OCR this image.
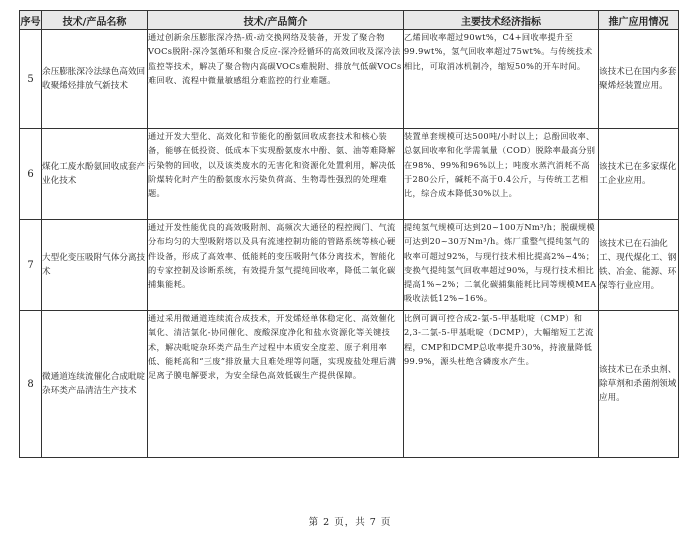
序号	技术/产品名称	技术/产品简介	主要技术经济指标	推广应用情况
5	余压膨胀深冷法绿色高效回收聚烯烃排放气新技术	通过创新余压膨胀深冷热-质-动交换网络及装备，开发了聚合物VOCs脱附-深冷氢循环和聚合反应-深冷烃循环的高效回收及深冷法监控等技术，解决了聚合物内高碳VOCs难脱附、排放气低碳VOCs难回收、流程中微量敏感组分难监控的行业难题。	乙烯回收率超过90wt%，C4+回收率提升至99.9wt%，氢气回收率超过75wt%。与传统技术相比，可取消冰机制冷，缩短50%的开车时间。	该技术已在国内多套聚烯烃装置应用。
6	煤化工废水酚氨回收成套产业化技术	通过开发大型化、高效化和节能化的酚氨回收成套技术和核心装备，能够在低投资、低成本下实现酚氨废水中酚、氨、油等难降解污染物的回收，以及该类废水的无害化和资源化处置利用，解决低阶煤转化时产生的酚氨废水污染负荷高、生物毒性强烈的处理难题。	装置单套规模可达500吨/小时以上；总酚回收率、总氨回收率和化学需氧量（COD）脱除率最高分别在98%、99%和96%以上；吨废水蒸汽消耗不高于280公斤，碱耗不高于0.4公斤，与传统工艺相比，综合成本降低30%以上。	该技术已在多家煤化工企业应用。
7	大型化变压吸附气体分离技术	通过开发性能优良的高效吸附剂、高频次大通径的程控阀门、气流分布均匀的大型吸附塔以及具有流速控制功能的管路系统等核心硬件设备，形成了高效率、低能耗的变压吸附气体分离技术，智能化的专家控制及诊断系统，有效提升氢气提纯回收率，降低二氧化碳捕集能耗。	提纯氢气规模可达到20~100万Nm³/h；脱碳规模可达到20~30万Nm³/h。炼厂重整气提纯氢气的收率可超过92%，与现行技术相比提高2%~4%；变换气提纯氢气回收率超过90%，与现行技术相比提高1%~2%；二氧化碳捕集能耗比同等规模MEA吸收法低12%~16%。	该技术已在石油化工、现代煤化工、钢铁、冶金、能源、环保等行业应用。
8	微通道连续流催化合成吡啶杂环类产品清洁生产技术	通过采用微通道连续流合成技术，开发烯烃单体稳定化、高效催化氧化、清洁氯化-协同催化、废酸深度净化和盐水资源化等关键技术，解决吡啶杂环类产品生产过程中本质安全度差、原子利用率低、能耗高和“三废”排放量大且难处理等问题，实现废盐处理后满足离子膜电解要求，为安全绿色高效低碳生产提供保障。	比例可调可控合成2-氯-5-甲基吡啶（CMP）和2,3-二氯-5-甲基吡啶（DCMP），大幅缩短工艺流程，CMP和DCMP总收率提升30%，持液量降低99.9%，源头杜绝含磷废水产生。	该技术已在杀虫剂、除草剂和杀菌剂领域应用。
第 2 页，共 7 页
